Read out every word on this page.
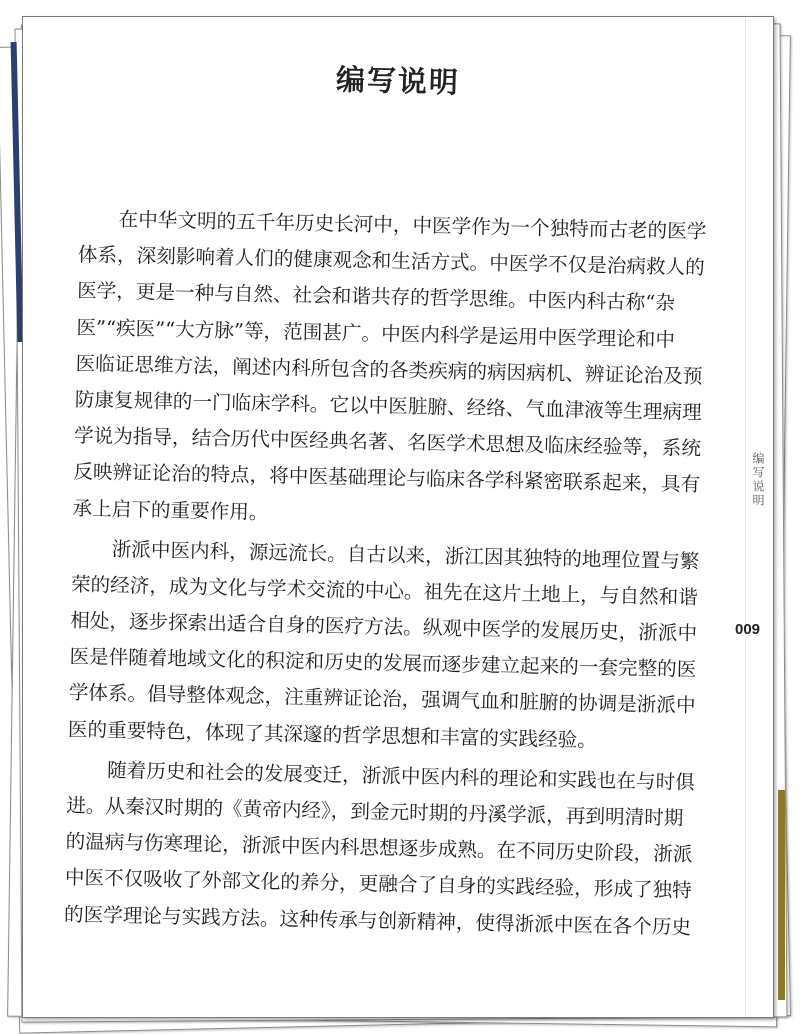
编写说明
在中华文明的五千年历史长河中，中医学作为一个独特而古老的医学
体系，深刻影响着人们的健康观念和生活方式。中医学不仅是治病救人的
医学，更是一种与自然、社会和谐共存的哲学思维。中医内科古称“杂
医”“疾医”“大方脉”等，范围甚广。中医内科学是运用中医学理论和中
医临证思维方法，阐述内科所包含的各类疾病的病因病机、辨证论治及预
防康复规律的一门临床学科。它以中医脏腑、经络、气血津液等生理病理
学说为指导，结合历代中医经典名著、名医学术思想及临床经验等，系统
反映辨证论治的特点，将中医基础理论与临床各学科紧密联系起来，具有
承上启下的重要作用。
浙派中医内科，源远流长。自古以来，浙江因其独特的地理位置与繁
荣的经济，成为文化与学术交流的中心。祖先在这片土地上，与自然和谐
相处，逐步探索出适合自身的医疗方法。纵观中医学的发展历史，浙派中
医是伴随着地域文化的积淀和历史的发展而逐步建立起来的一套完整的医
学体系。倡导整体观念，注重辨证论治，强调气血和脏腑的协调是浙派中
医的重要特色，体现了其深邃的哲学思想和丰富的实践经验。
随着历史和社会的发展变迁，浙派中医内科的理论和实践也在与时俱
进。从秦汉时期的《黄帝内经》，到金元时期的丹溪学派，再到明清时期
的温病与伤寒理论，浙派中医内科思想逐步成熟。在不同历史阶段，浙派
中医不仅吸收了外部文化的养分，更融合了自身的实践经验，形成了独特
的医学理论与实践方法。这种传承与创新精神，使得浙派中医在各个历史
编写说明
009
